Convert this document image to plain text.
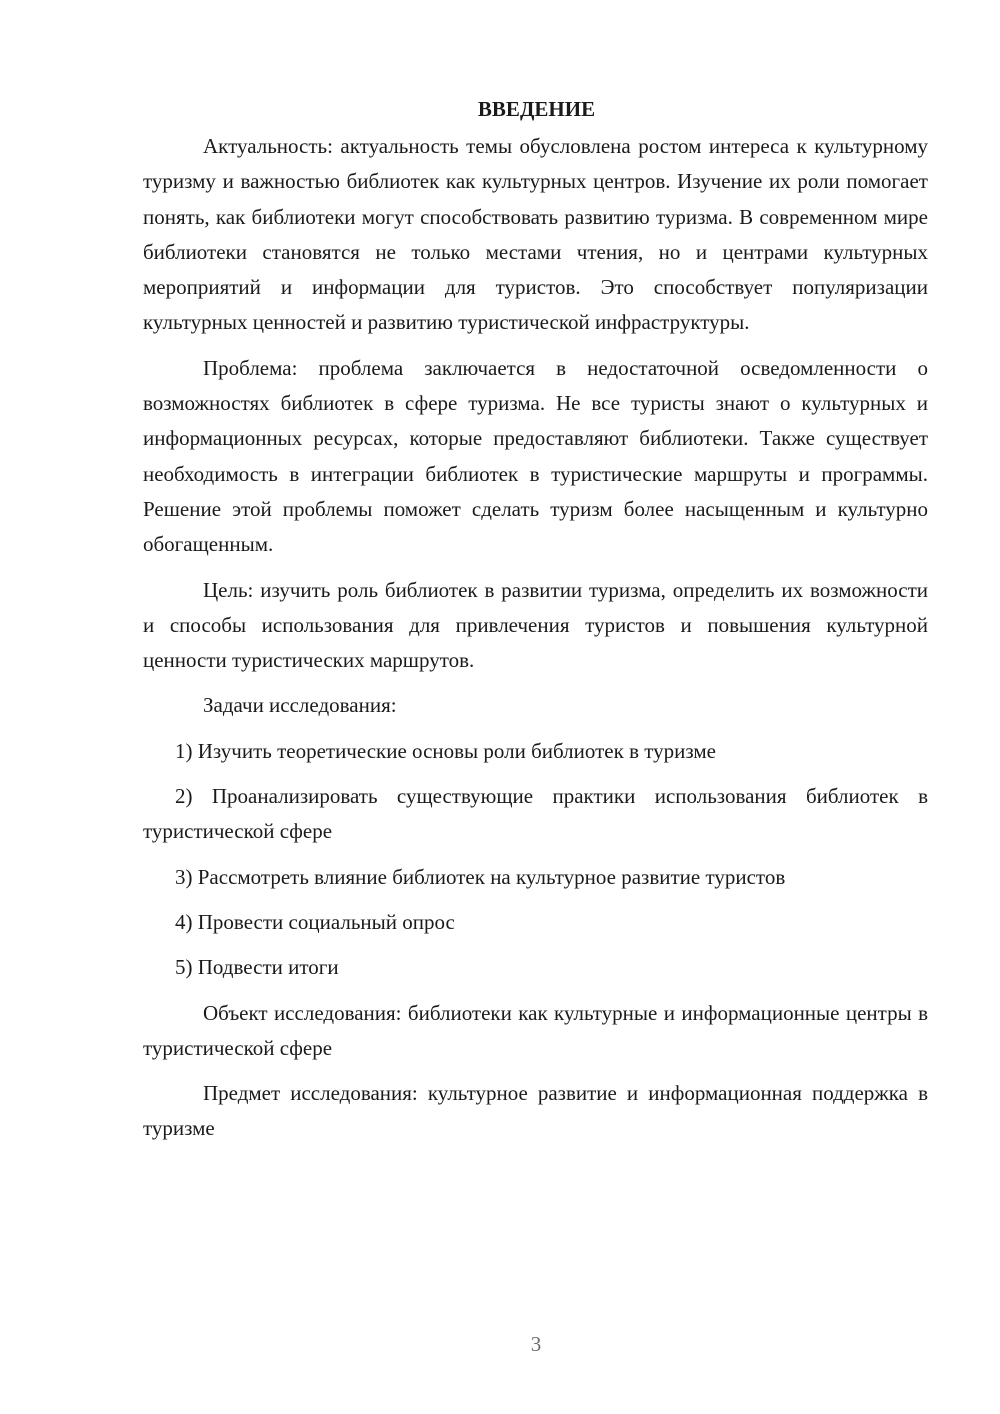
ВВЕДЕНИЕ

Актуальность: актуальность темы обусловлена ростом интереса к культурному туризму и важностью библиотек как культурных центров. Изучение их роли помогает понять, как библиотеки могут способствовать развитию туризма. В современном мире библиотеки становятся не только местами чтения, но и центрами культурных мероприятий и информации для туристов. Это способствует популяризации культурных ценностей и развитию туристической инфраструктуры.

Проблема: проблема заключается в недостаточной осведомленности о возможностях библиотек в сфере туризма. Не все туристы знают о культурных и информационных ресурсах, которые предоставляют библиотеки. Также существует необходимость в интеграции библиотек в туристические маршруты и программы. Решение этой проблемы поможет сделать туризм более насыщенным и культурно обогащенным.

Цель: изучить роль библиотек в развитии туризма, определить их возможности и способы использования для привлечения туристов и повышения культурной ценности туристических маршрутов.

Задачи исследования:

1) Изучить теоретические основы роли библиотек в туризме

2) Проанализировать существующие практики использования библиотек в туристической сфере

3) Рассмотреть влияние библиотек на культурное развитие туристов

4) Провести социальный опрос

5) Подвести итоги

Объект исследования: библиотеки как культурные и информационные центры в туристической сфере

Предмет исследования: культурное развитие и информационная поддержка в туризме

3
